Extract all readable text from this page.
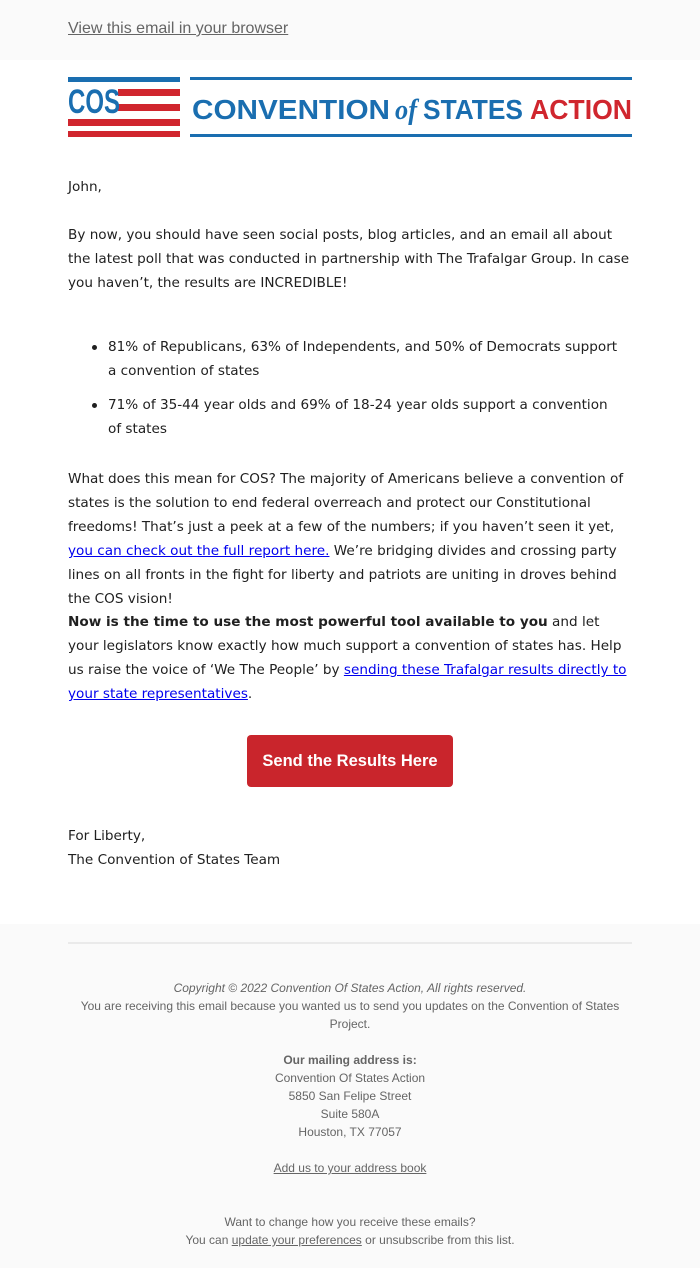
View this email in your browser
COS	CONVENTION of STATES ACTION
John,
By now, you should have seen social posts, blog articles, and an email all about the latest poll that was conducted in partnership with The Trafalgar Group. In case you haven’t, the results are INCREDIBLE!
81% of Republicans, 63% of Independents, and 50% of Democrats support a convention of states
71% of 35-44 year olds and 69% of 18-24 year olds support a convention of states
What does this mean for COS? The majority of Americans believe a convention of states is the solution to end federal overreach and protect our Constitutional freedoms! That’s just a peek at a few of the numbers; if you haven’t seen it yet, you can check out the full report here. We’re bridging divides and crossing party lines on all fronts in the fight for liberty and patriots are uniting in droves behind the COS vision!
Now is the time to use the most powerful tool available to you and let your legislators know exactly how much support a convention of states has. Help us raise the voice of ‘We The People’ by sending these Trafalgar results directly to your state representatives.
Send the Results Here
For Liberty,
The Convention of States Team
Copyright © 2022 Convention Of States Action, All rights reserved.
You are receiving this email because you wanted us to send you updates on the Convention of States Project.
Our mailing address is:
Convention Of States Action
5850 San Felipe Street
Suite 580A
Houston, TX 77057
Add us to your address book
Want to change how you receive these emails?
You can update your preferences or unsubscribe from this list.
